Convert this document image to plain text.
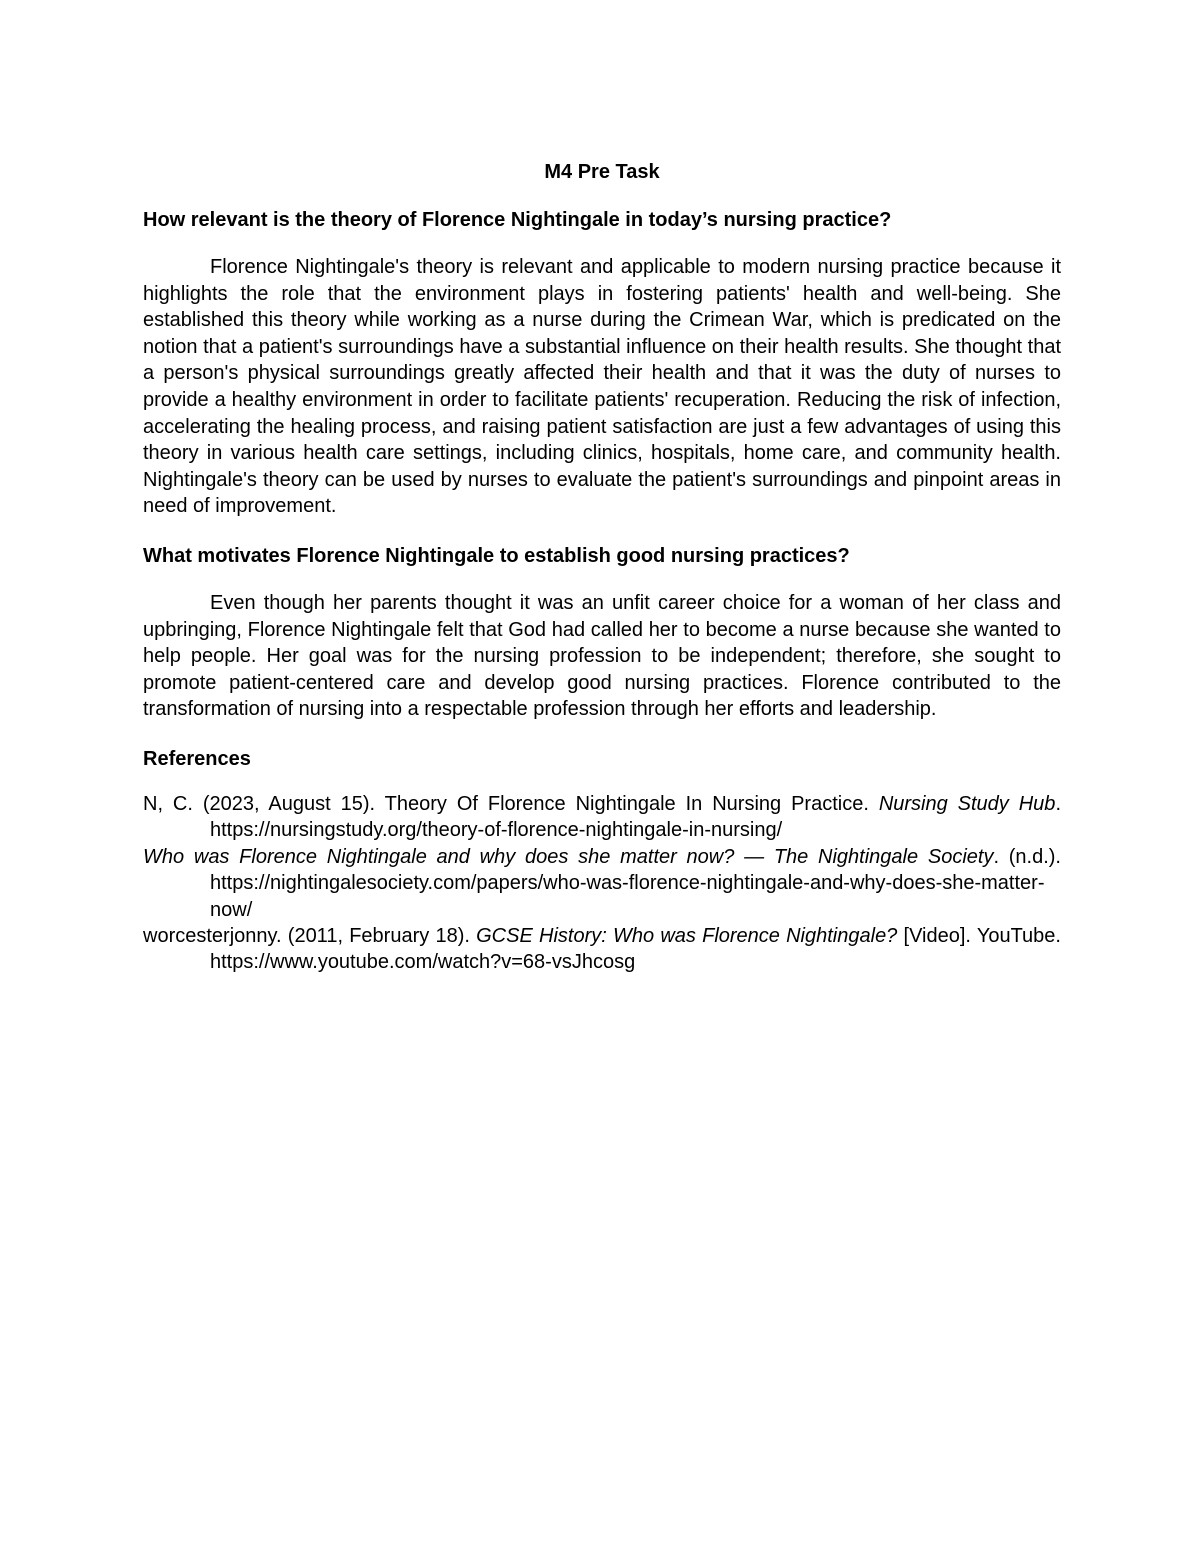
M4 Pre Task
How relevant is the theory of Florence Nightingale in today’s nursing practice?

Florence Nightingale's theory is relevant and applicable to modern nursing practice because it highlights the role that the environment plays in fostering patients' health and well-being. She established this theory while working as a nurse during the Crimean War, which is predicated on the notion that a patient's surroundings have a substantial influence on their health results. She thought that a person's physical surroundings greatly affected their health and that it was the duty of nurses to provide a healthy environment in order to facilitate patients' recuperation. Reducing the risk of infection, accelerating the healing process, and raising patient satisfaction are just a few advantages of using this theory in various health care settings, including clinics, hospitals, home care, and community health. Nightingale's theory can be used by nurses to evaluate the patient's surroundings and pinpoint areas in need of improvement.

What motivates Florence Nightingale to establish good nursing practices?

Even though her parents thought it was an unfit career choice for a woman of her class and upbringing, Florence Nightingale felt that God had called her to become a nurse because she wanted to help people. Her goal was for the nursing profession to be independent; therefore, she sought to promote patient-centered care and develop good nursing practices. Florence contributed to the transformation of nursing into a respectable profession through her efforts and leadership.

References

N, C. (2023, August 15). Theory Of Florence Nightingale In Nursing Practice. Nursing Study Hub. https://nursingstudy.org/theory-of-florence-nightingale-in-nursing/

Who was Florence Nightingale and why does she matter now? — The Nightingale Society. (n.d.). https://nightingalesociety.com/papers/who-was-florence-nightingale-and-why-does-she-matter-now/

worcesterjonny. (2011, February 18). GCSE History: Who was Florence Nightingale? [Video]. YouTube. https://www.youtube.com/watch?v=68-vsJhcosg
